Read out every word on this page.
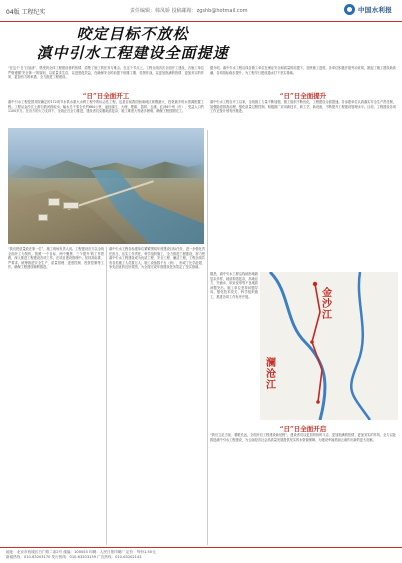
04版 工程纪实	责任编辑：韩凤娇 投稿邮箱：zgshb@hotmail.com	中国水利报
咬定目标不放松
滇中引水工程建设全面提速
“在这个‘日’日加油”，感受到全体工程建设者的热情，清楚了施工的任务与难点。在这个节点上，工程全线首次全面开工建设，各施工单位严格遵循‘安全第一’的原则，以质量求生存，以进度促效益，在确保安全的前提下倒排工期、挂图作战，以更加饱满的热情、更加务实的作风、更加有力的举措，全力推进工程建设。
“日”日全面开工
滇中引水工程是国务院确定的172项节水供水重大水利工程中的标志性工程，也是目前我国西南地区规模最大、投资最多的水资源配置工程。工程从金沙江上游石鼓河段取水，输水总干渠全长约664公里，途经丽江、大理、楚雄、昆明、玉溪、红河6个州（市），受益人口约1100多万。在各方的大力支持下，全线正在全力推进，建设者们克服地质复杂、施工难度大等诸多困难，确保工程按期完工。
“我们把质量放在第一位”，施工现场负责人说。工程建设各方以全线全面开工为契机，按照‘一个目标、两个聚焦、三个提升’的工作思路，深入推进工程建设各项工作。在项目建设管理中，坚持高标准、严要求，统筹推进安全生产、质量管理、进度控制、投资控制等工作，确保工程建设顺利推进。
滇中引水工程各参建单位紧紧围绕年度建设目标任务，进一步强化责任担当，压实工作责任，科学组织施工，全力推进工程建设，努力把滇中引水工程建设成为优质工程、安全工程、廉洁工程。工程全线共有各类施工人员数万人，施工设备数千台（套），形成了比学赶超、争先创优的良好氛围，为全面完成年度建设任务奠定了坚实基础。
据介绍，滇中引水工程沿线各施工单位在保证安全和质量的前提下，加快施工进度。各单位积极开展劳动竞赛，掀起了施工建设新高潮，各项指标稳步提升，为工程早日建成通水打下坚实基础。
“日”日全面提升
滇中引水工程自开工以来，全线施工力量不断加强，施工组织不断优化，工程建设全面提速。各参建单位认真落实安全生产责任制，加强隐患排查治理，强化质量过程控制，积极推广应用新技术、新工艺、新设备，不断提升工程建设管理水平。目前，工程建设各项工作正按计划有序推进。
据悉，滇中引水工程沿线地形地貌复杂多样，地质构造复杂，高地应力、突涌水、软岩变形等不良地质问题突出。施工单位坚持问题导向，强化技术攻关，科学组织施工，推进各项工作有序开展。	金沙江
澜沧江
“日”日全面开启
“我们立足当前、着眼长远，全面开启工程建设新征程”。建设者们以更加昂扬的斗志、更加饱满的热情、更加务实的作风，全力以赴推进滇中引水工程建设，为云南经济社会高质量发展提供坚实的水资源保障，为建设幸福美丽云南作出新的更大贡献。
地址：北京市西城区白广路二条2号 邮编：100053 印刷：人民日报印刷厂 定价：每份1.50元
新闻热线：010-63203170 发行热线：010-63203139 广告热线：010-63202143
